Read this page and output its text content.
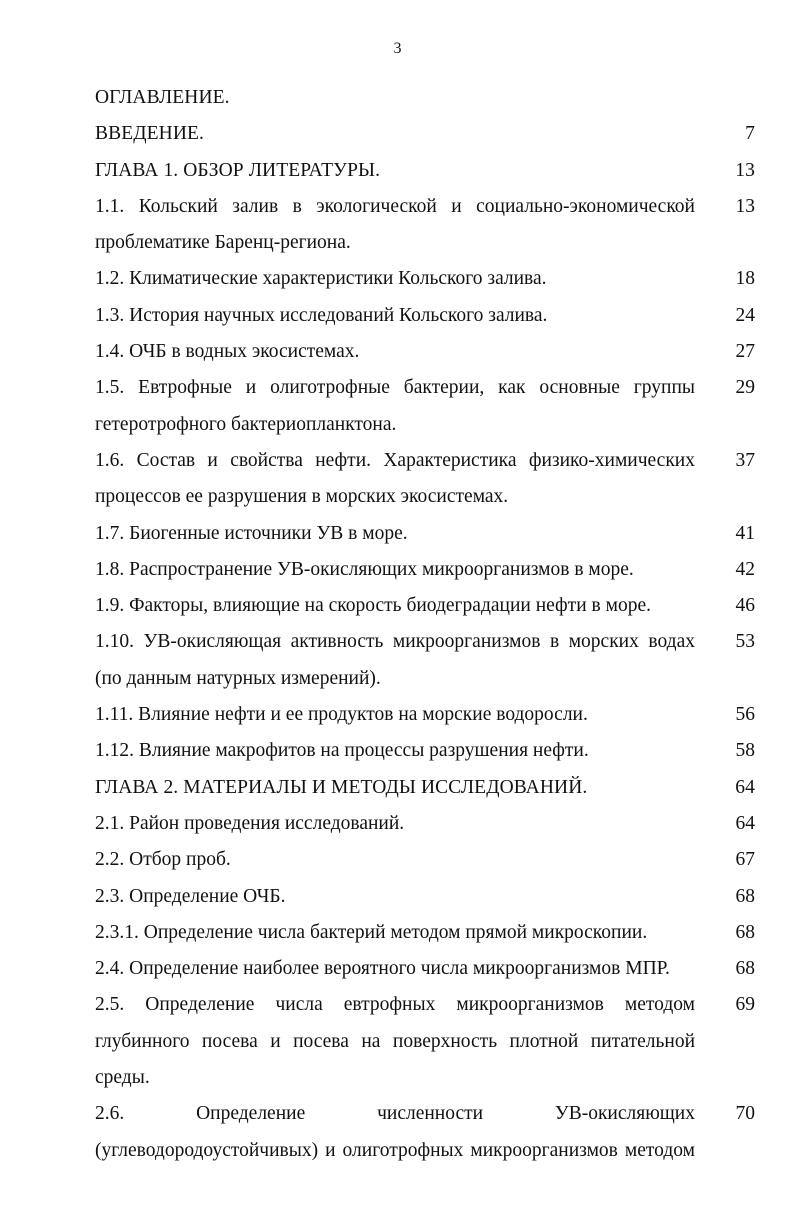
3
ОГЛАВЛЕНИЕ.
ВВЕДЕНИЕ.	7
ГЛАВА 1. ОБЗОР ЛИТЕРАТУРЫ.	13
1.1. Кольский залив в экологической и социально-экономической проблематике Баренц-региона.
13
1.2. Климатические характеристики Кольского залива.	18
1.3. История научных исследований Кольского залива.	24
1.4. ОЧБ в водных экосистемах.	27
1.5. Евтрофные и олиготрофные бактерии, как основные группы гетеротрофного бактериопланктона.
29
1.6. Состав и свойства нефти. Характеристика физико-химических процессов ее разрушения в морских экосистемах.
37
1.7. Биогенные источники УВ в море.	41
1.8. Распространение УВ-окисляющих микроорганизмов в море.	42
1.9. Факторы, влияющие на скорость биодеградации нефти в море.	46
1.10. УВ-окисляющая активность микроорганизмов в морских водах (по данным натурных измерений).
53
1.11. Влияние нефти и ее продуктов на морские водоросли.	56
1.12. Влияние макрофитов на процессы разрушения нефти.	58
ГЛАВА 2. МАТЕРИАЛЫ И МЕТОДЫ ИССЛЕДОВАНИЙ.	64
2.1. Район проведения исследований.	64
2.2. Отбор проб.	67
2.3. Определение ОЧБ.	68
2.3.1. Определение числа бактерий методом прямой микроскопии.	68
2.4. Определение наиболее вероятного числа микроорганизмов МПР.	68
2.5. Определение числа евтрофных микроорганизмов методом глубинного посева и посева на поверхность плотной питательной среды.
69
2.6. Определение численности УВ-окисляющих (углеводородоустойчивых) и олиготрофных микроорганизмов методом
70
